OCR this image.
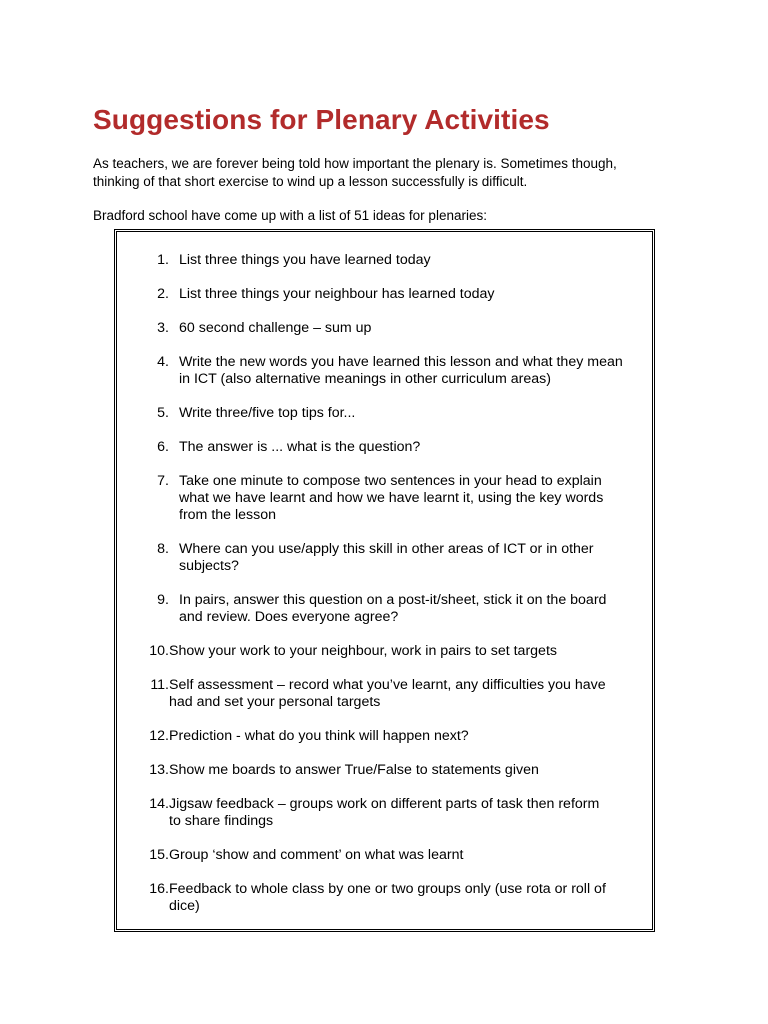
Suggestions for Plenary Activities

As teachers, we are forever being told how important the plenary is. Sometimes though,
thinking of that short exercise to wind up a lesson successfully is difficult.

Bradford school have come up with a list of 51 ideas for plenaries:

1. List three things you have learned today
2. List three things your neighbour has learned today
3. 60 second challenge – sum up
4. Write the new words you have learned this lesson and what they mean
in ICT (also alternative meanings in other curriculum areas)
5. Write three/five top tips for...
6. The answer is ... what is the question?
7. Take one minute to compose two sentences in your head to explain
what we have learnt and how we have learnt it, using the key words
from the lesson
8. Where can you use/apply this skill in other areas of ICT or in other
subjects?
9. In pairs, answer this question on a post-it/sheet, stick it on the board
and review. Does everyone agree?
10. Show your work to your neighbour, work in pairs to set targets
11. Self assessment – record what you’ve learnt, any difficulties you have
had and set your personal targets
12. Prediction - what do you think will happen next?
13. Show me boards to answer True/False to statements given
14. Jigsaw feedback – groups work on different parts of task then reform
to share findings
15. Group ‘show and comment’ on what was learnt
16. Feedback to whole class by one or two groups only (use rota or roll of
dice)
